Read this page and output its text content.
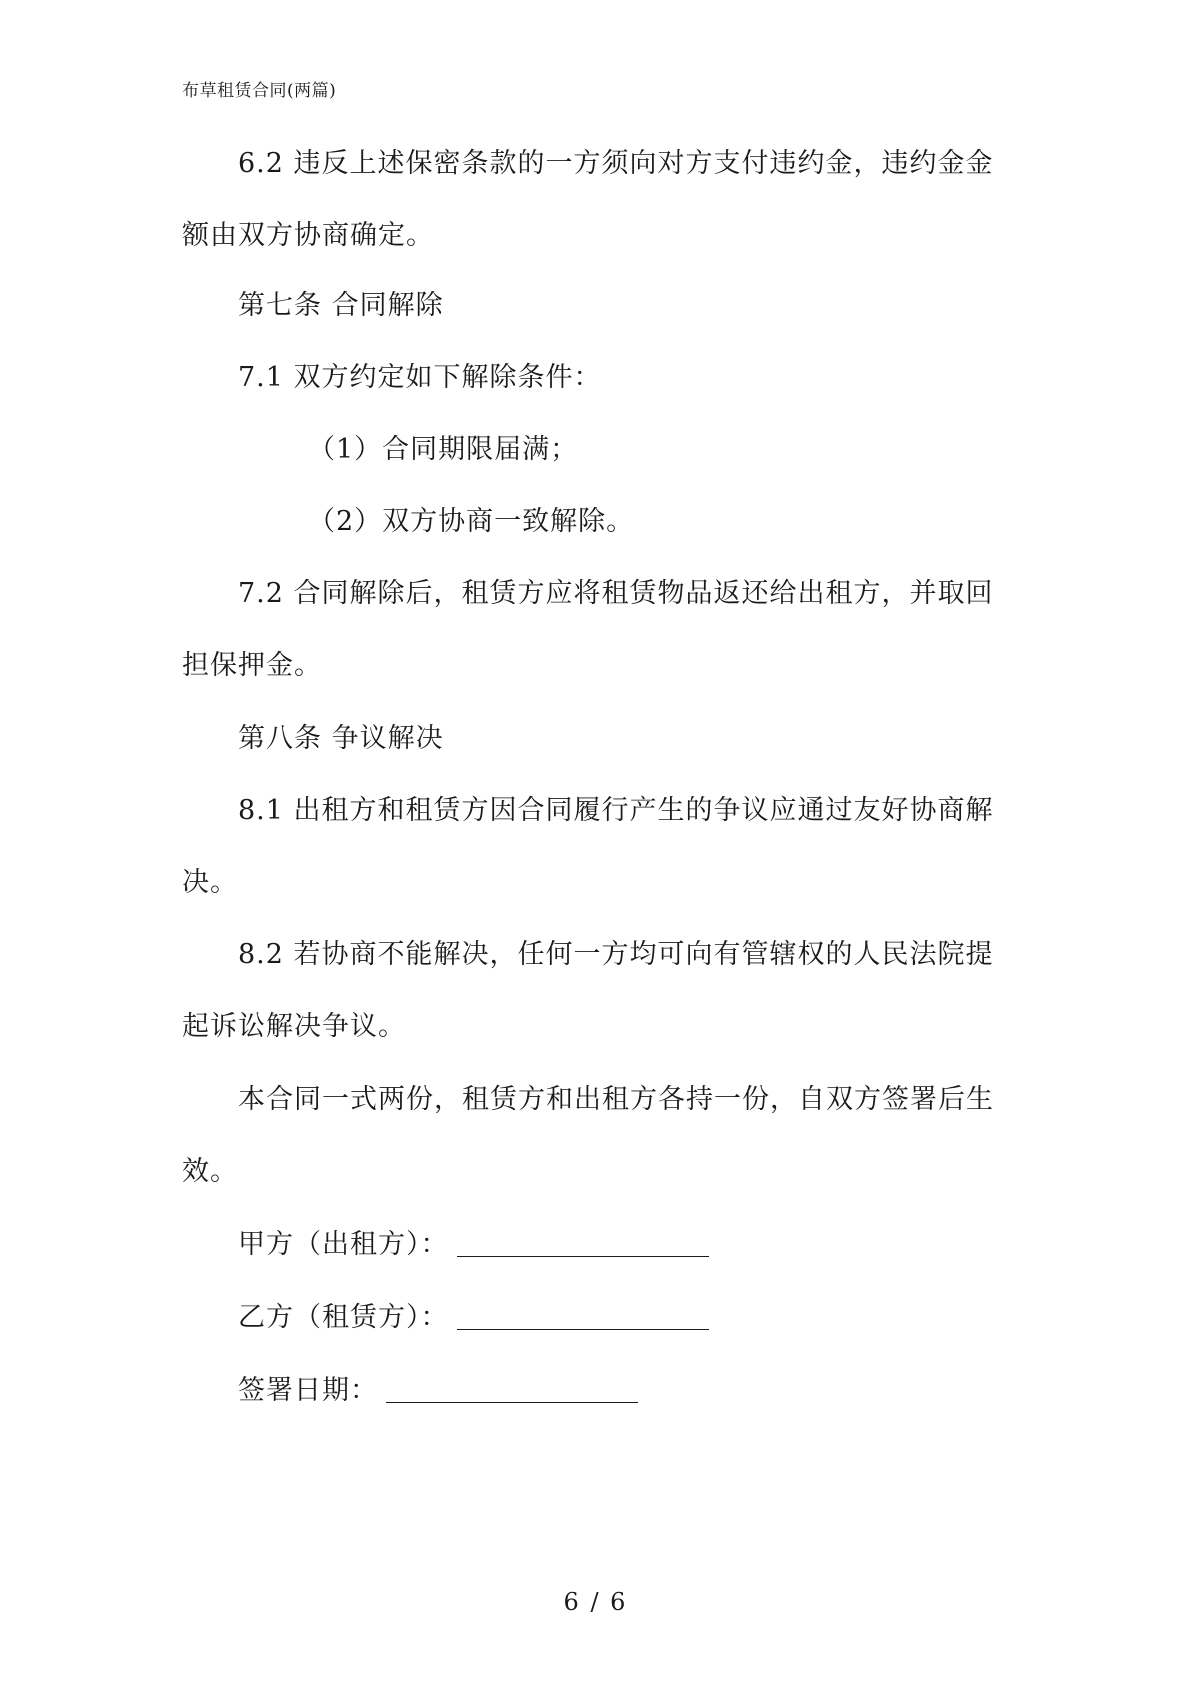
布草租赁合同(两篇)

6.2 违反上述保密条款的一方须向对方支付违约金，违约金金额由双方协商确定。

第七条 合同解除

7.1 双方约定如下解除条件：

（1）合同期限届满；

（2）双方协商一致解除。

7.2 合同解除后，租赁方应将租赁物品返还给出租方，并取回担保押金。

第八条 争议解决

8.1 出租方和租赁方因合同履行产生的争议应通过友好协商解决。

8.2 若协商不能解决，任何一方均可向有管辖权的人民法院提起诉讼解决争议。

本合同一式两份，租赁方和出租方各持一份，自双方签署后生效。

甲方（出租方）：

乙方（租赁方）：

签署日期：

6 / 6
